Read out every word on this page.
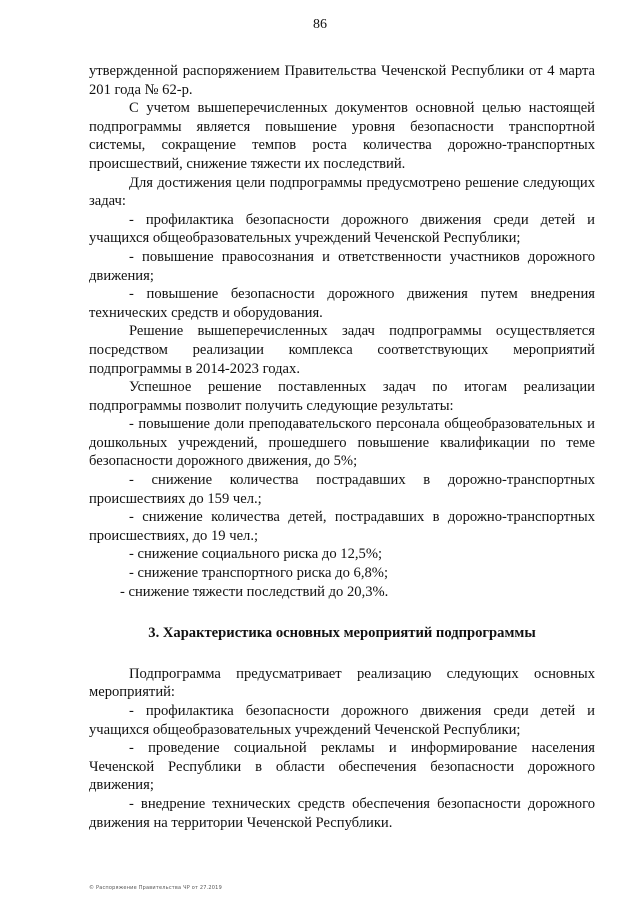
86

утвержденной распоряжением Правительства Чеченской Республики от 4 марта 201 года № 62-р.

С учетом вышеперечисленных документов основной целью настоящей подпрограммы является повышение уровня безопасности транспортной системы, сокращение темпов роста количества дорожно-транспортных происшествий, снижение тяжести их последствий.

Для достижения цели подпрограммы предусмотрено решение следующих задач:

- профилактика безопасности дорожного движения среди детей и учащихся общеобразовательных учреждений Чеченской Республики;

- повышение правосознания и ответственности участников дорожного движения;

- повышение безопасности дорожного движения путем внедрения технических средств и оборудования.

Решение вышеперечисленных задач подпрограммы осуществляется посредством реализации комплекса соответствующих мероприятий подпрограммы в 2014-2023 годах.

Успешное решение поставленных задач по итогам реализации подпрограммы позволит получить следующие результаты:

- повышение доли преподавательского персонала общеобразовательных и дошкольных учреждений, прошедшего повышение квалификации по теме безопасности дорожного движения, до 5%;

- снижение количества пострадавших в дорожно-транспортных происшествиях до 159 чел.;

- снижение количества детей, пострадавших в дорожно-транспортных происшествиях, до 19 чел.;

- снижение социального риска до 12,5%;

- снижение транспортного риска до 6,8%;

- снижение тяжести последствий до 20,3%.

3. Характеристика основных мероприятий подпрограммы

Подпрограмма предусматривает реализацию следующих основных мероприятий:

- профилактика безопасности дорожного движения среди детей и учащихся общеобразовательных учреждений Чеченской Республики;

- проведение социальной рекламы и информирование населения Чеченской Республики в области обеспечения безопасности дорожного движения;

- внедрение технических средств обеспечения безопасности дорожного движения на территории Чеченской Республики.

© Распоряжение Правительства ЧР от 27.2019
